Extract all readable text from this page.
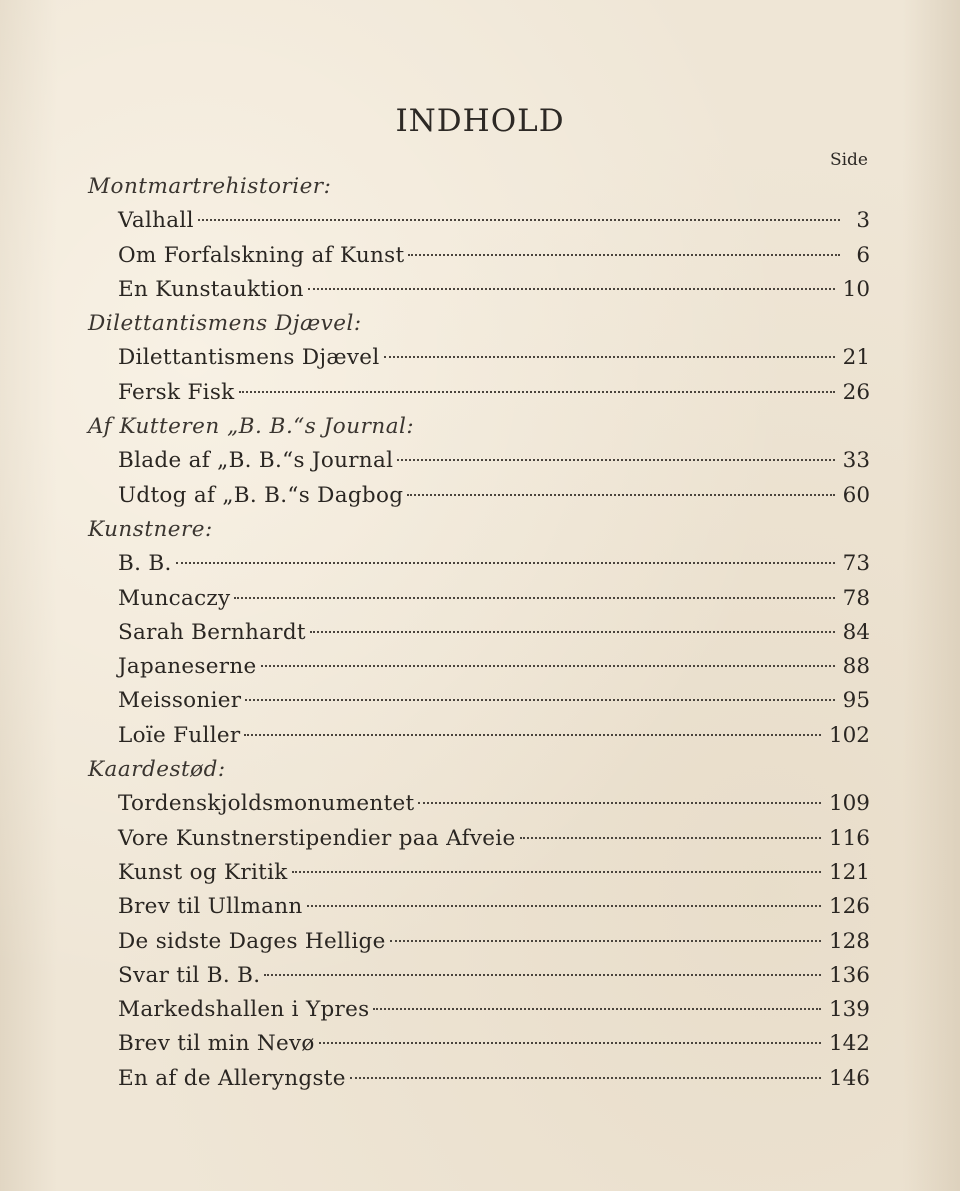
INDHOLD
Side
Montmartrehistorier:
Valhall	3
Om Forfalskning af Kunst	6
En Kunstauktion	10
Dilettantismens Djævel:
Dilettantismens Djævel	21
Fersk Fisk	26
Af Kutteren „B. B.“s Journal:
Blade af „B. B.“s Journal	33
Udtog af „B. B.“s Dagbog	60
Kunstnere:
B. B.	73
Muncaczy	78
Sarah Bernhardt	84
Japaneserne	88
Meissonier	95
Loïe Fuller	102
Kaardestød:
Tordenskjoldsmonumentet	109
Vore Kunstnerstipendier paa Afveie	116
Kunst og Kritik	121
Brev til Ullmann	126
De sidste Dages Hellige	128
Svar til B. B.	136
Markedshallen i Ypres	139
Brev til min Nevø	142
En af de Alleryngste	146
